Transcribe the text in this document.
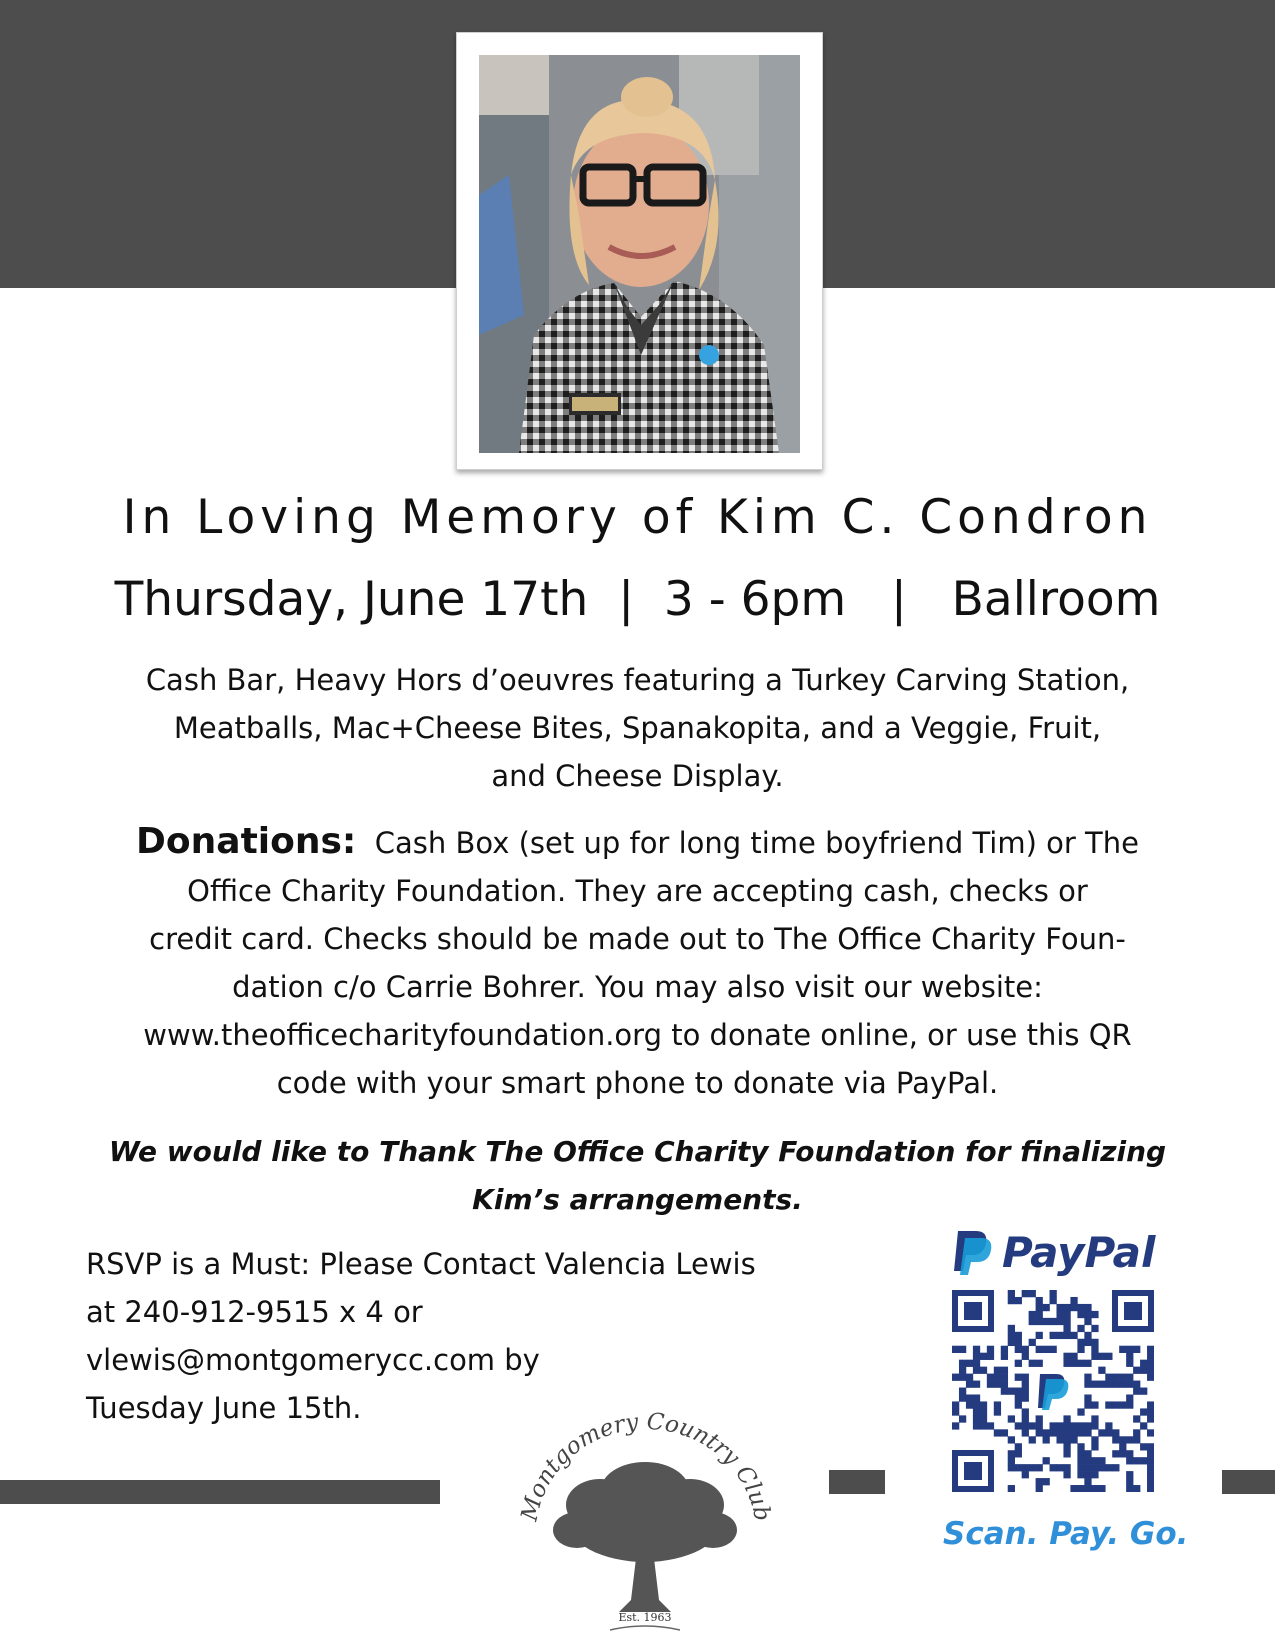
In Loving Memory of Kim C. Condron
Thursday, June 17th  |  3 - 6pm   |   Ballroom
Cash Bar, Heavy Hors d’oeuvres featuring a Turkey Carving Station,
Meatballs, Mac+Cheese Bites, Spanakopita, and a Veggie, Fruit,
and Cheese Display.
Donations: Cash Box (set up for long time boyfriend Tim) or The
Office Charity Foundation. They are accepting cash, checks or
credit card. Checks should be made out to The Office Charity Foun-
dation c/o Carrie Bohrer. You may also visit our website:
www.theofficecharityfoundation.org to donate online, or use this QR
code with your smart phone to donate via PayPal.
We would like to Thank The Office Charity Foundation for finalizing
Kim’s arrangements.
RSVP is a Must: Please Contact Valencia Lewis
at 240-912-9515 x 4 or
vlewis@montgomerycc.com by
Tuesday June 15th.
Montgomery Country Club
Est. 1963
PayPal
Scan. Pay. Go.
